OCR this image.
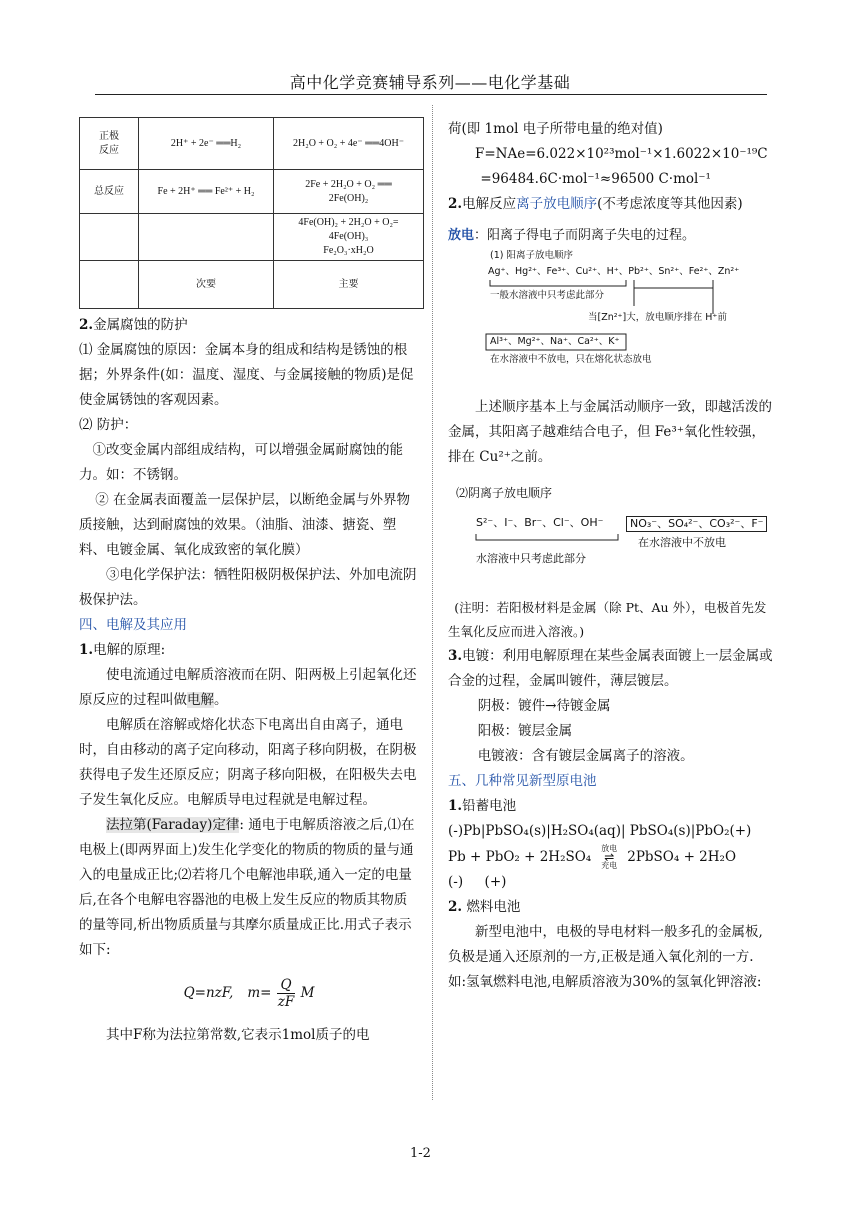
高中化学竞赛辅导系列——电化学基础
正极
反应	2H⁺ + 2e⁻ ══H₂	2H₂O + O₂ + 4e⁻ ══4OH⁻
总反应	Fe + 2H⁺ ══ Fe²⁺ + H₂	2Fe + 2H₂O + O₂ ══
2Fe(OH)₂
		4Fe(OH)₂ + 2H₂O + O₂=
4Fe(OH)₃
Fe₂O₃·xH₂O
	次要	主要

2.金属腐蚀的防护

⑴ 金属腐蚀的原因：金属本身的组成和结构是锈蚀的根据；外界条件(如：温度、湿度、与金属接触的物质)是促使金属锈蚀的客观因素。

⑵ 防护：

①改变金属内部组成结构，可以增强金属耐腐蚀的能力。如：不锈钢。

② 在金属表面覆盖一层保护层，以断绝金属与外界物质接触，达到耐腐蚀的效果。（油脂、油漆、搪瓷、塑料、电镀金属、氧化成致密的氧化膜）

③电化学保护法：牺牲阳极阴极保护法、外加电流阴极保护法。

四、电解及其应用

1.电解的原理:

使电流通过电解质溶液而在阴、阳两极上引起氧化还原反应的过程叫做电解。

电解质在溶解或熔化状态下电离出自由离子，通电时，自由移动的离子定向移动，阳离子移向阴极，在阴极获得电子发生还原反应；阴离子移向阳极，在阳极失去电子发生氧化反应。电解质导电过程就是电解过程。

法拉第(Faraday)定律: 通电于电解质溶液之后,⑴在电极上(即两界面上)发生化学变化的物质的物质的量与通入的电量成正比;⑵若将几个电解池串联,通入一定的电量后,在各个电解电容器池的电极上发生反应的物质其物质的量等同,析出物质质量与其摩尔质量成正比.用式子表示如下:

Q=nzF, $m= \frac{Q}{zF}$ M

其中F称为法拉第常数,它表示1mol质子的电

荷(即 1mol 电子所带电量的绝对值)

F=NAe=6.022×10²³mol⁻¹×1.6022×10⁻¹⁹C

=96484.6C·mol⁻¹≈96500 C·mol⁻¹

2.电解反应离子放电顺序(不考虑浓度等其他因素)

放电：阳离子得电子而阴离子失电的过程。

(1) 阳离子放电顺序
Ag⁺、Hg²⁺、Fe³⁺、Cu²⁺、H⁺、Pb²⁺、Sn²⁺、Fe²⁺、Zn²⁺
一般水溶液中只考虑此部分
当[Zn²⁺]大，放电顺序排在 H⁺前
Al³⁺、Mg²⁺、Na⁺、Ca²⁺、K⁺
在水溶液中不放电，只在熔化状态放电

上述顺序基本上与金属活动顺序一致，即越活泼的金属，其阳离子越难结合电子，但 Fe³⁺氧化性较强，排在 Cu²⁺之前。

⑵阴离子放电顺序
S²⁻、I⁻、Br⁻、Cl⁻、OH⁻	NO₃⁻、SO₄²⁻、CO₃²⁻、F⁻
水溶液中只考虑此部分
在水溶液中不放电

(注明：若阳极材料是金属（除 Pt、Au 外），电极首先发生氧化反应而进入溶液。)

3.电镀：利用电解原理在某些金属表面镀上一层金属或合金的过程，金属叫镀件，薄层镀层。

阴极：镀件→待镀金属

阳极：镀层金属

电镀液：含有镀层金属离子的溶液。

五、几种常见新型原电池

1.铅蓄电池

(-)Pb|PbSO₄(s)|H₂SO₄(aq)| PbSO₄(s)|PbO₂(+)

Pb + PbO₂ + 2H₂SO₄ 放电
⇌
充电
2PbSO₄ + 2H₂O

(-)     (+)

2. 燃料电池

新型电池中，电极的导电材料一般多孔的金属板,负极是通入还原剂的一方,正极是通入氧化剂的一方.

如:氢氧燃料电池,电解质溶液为30%的氢氧化钾溶液:

1-2
